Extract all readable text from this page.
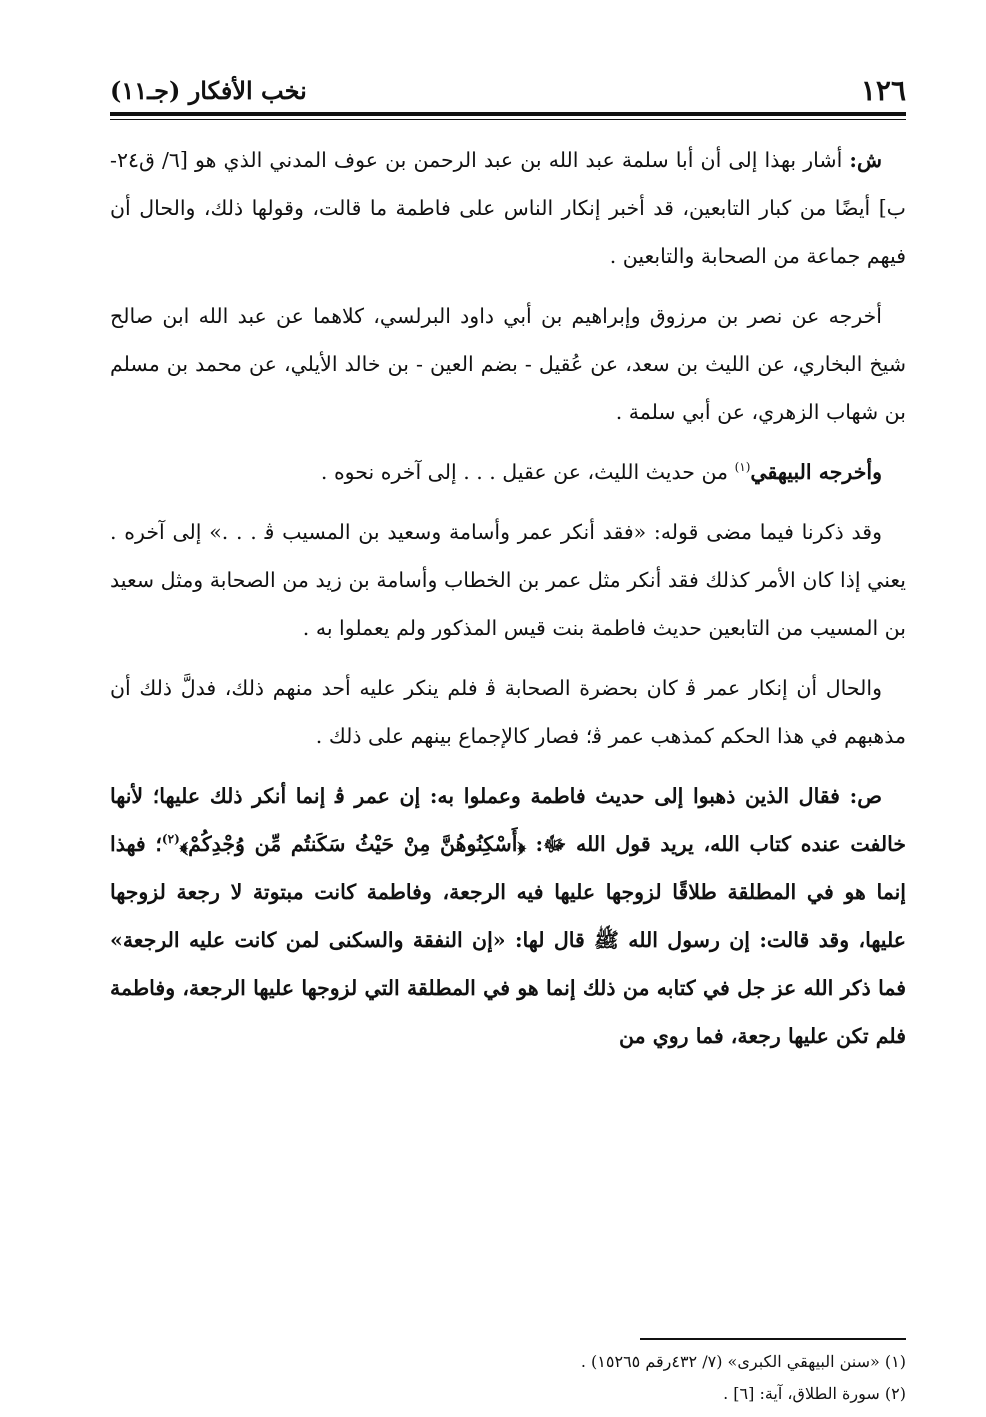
١٢٦
نخب الأفكار (جـ١١)

ش: أشار بهذا إلى أن أبا سلمة عبد الله بن عبد الرحمن بن عوف المدني الذي هو [٦/ ق٢٤-ب] أيضًا من كبار التابعين، قد أخبر إنكار الناس على فاطمة ما قالت، وقولها ذلك، والحال أن فيهم جماعة من الصحابة والتابعين .

أخرجه عن نصر بن مرزوق وإبراهيم بن أبي داود البرلسي، كلاهما عن عبد الله ابن صالح شيخ البخاري، عن الليث بن سعد، عن عُقيل - بضم العين - بن خالد الأيلي، عن محمد بن مسلم بن شهاب الزهري، عن أبي سلمة .

وأخرجه البيهقي$^{(١)}$ من حديث الليث، عن عقيل . . . إلى آخره نحوه .

وقد ذكرنا فيما مضى قوله: «فقد أنكر عمر وأسامة وسعيد بن المسيب ﭬ . . .» إلى آخره . يعني إذا كان الأمر كذلك فقد أنكر مثل عمر بن الخطاب وأسامة بن زيد من الصحابة ومثل سعيد بن المسيب من التابعين حديث فاطمة بنت قيس المذكور ولم يعملوا به .

والحال أن إنكار عمر ﭬ كان بحضرة الصحابة ﭬ فلم ينكر عليه أحد منهم ذلك، فدلَّ ذلك أن مذهبهم في هذا الحكم كمذهب عمر ﭬ؛ فصار كالإجماع بينهم على ذلك .

ص: فقال الذين ذهبوا إلى حديث فاطمة وعملوا به: إن عمر ﭬ إنما أنكر ذلك عليها؛ لأنها خالفت عنده كتاب الله، يريد قول الله ﷻ: ﴿أَسْكِنُوهُنَّ مِنْ حَيْثُ سَكَنتُم مِّن وُجْدِكُمْ﴾$^{(٢)}$؛ فهذا إنما هو في المطلقة طلاقًا لزوجها عليها فيه الرجعة، وفاطمة كانت مبتوتة لا رجعة لزوجها عليها، وقد قالت: إن رسول الله ﷺ قال لها: «إن النفقة والسكنى لمن كانت عليه الرجعة» فما ذكر الله عز جل في كتابه من ذلك إنما هو في المطلقة التي لزوجها عليها الرجعة، وفاطمة فلم تكن عليها رجعة، فما روي من

(١) «سنن البيهقي الكبرى» (٧/ ٤٣٢رقم ١٥٢٦٥) .

(٢) سورة الطلاق، آية: [٦] .
